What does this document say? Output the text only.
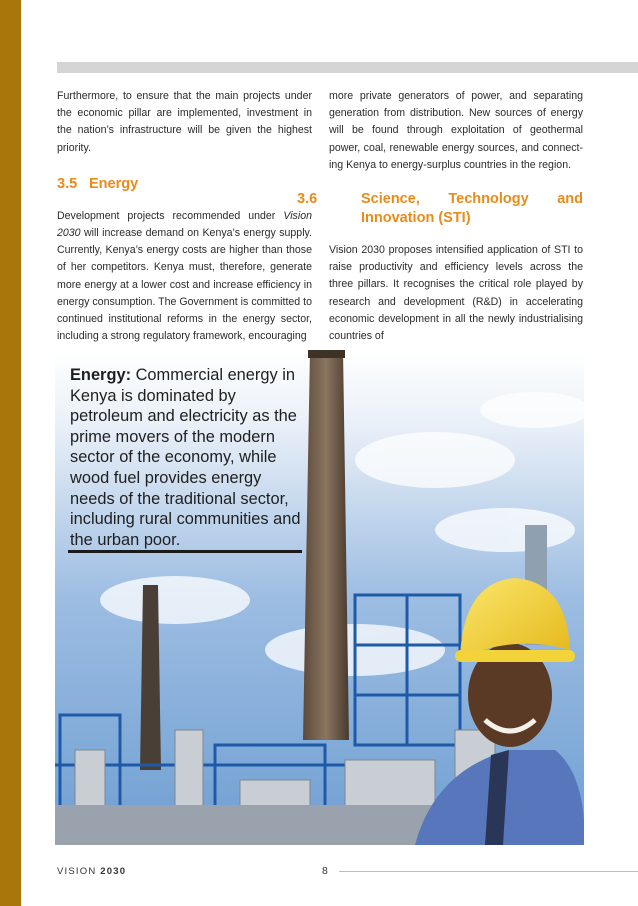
Furthermore, to ensure that the main projects under the economic pillar are implemented, investment in the nation’s infrastructure will be given the highest priority.

3.5 Energy

Development projects recommended under Vision 2030 will increase demand on Kenya’s energy supply. Currently, Kenya’s energy costs are higher than those of her competitors. Kenya must, therefore, generate more energy at a lower cost and increase efficiency in energy consumption. The Government is committed to continued institutional reforms in the energy sector, including a strong regulatory framework, encouraging

more private generators of power, and separating generation from distribution. New sources of energy will be found through exploitation of geothermal power, coal, renewable energy sources, and connect-ing Kenya to energy-surplus countries in the region.

3.6	Science, Technology and Innovation (STI)

Vision 2030 proposes intensified application of STI to raise productivity and efficiency levels across the three pillars. It recognises the critical role played by research and development (R&D) in accelerating economic development in all the newly industrialising countries of

Energy: Commercial energy in Kenya is dominated by petroleum and electricity as the prime movers of the modern sector of the economy, while wood fuel provides energy needs of the traditional sector, including rural communities and the urban poor.
VISION 2030	8
